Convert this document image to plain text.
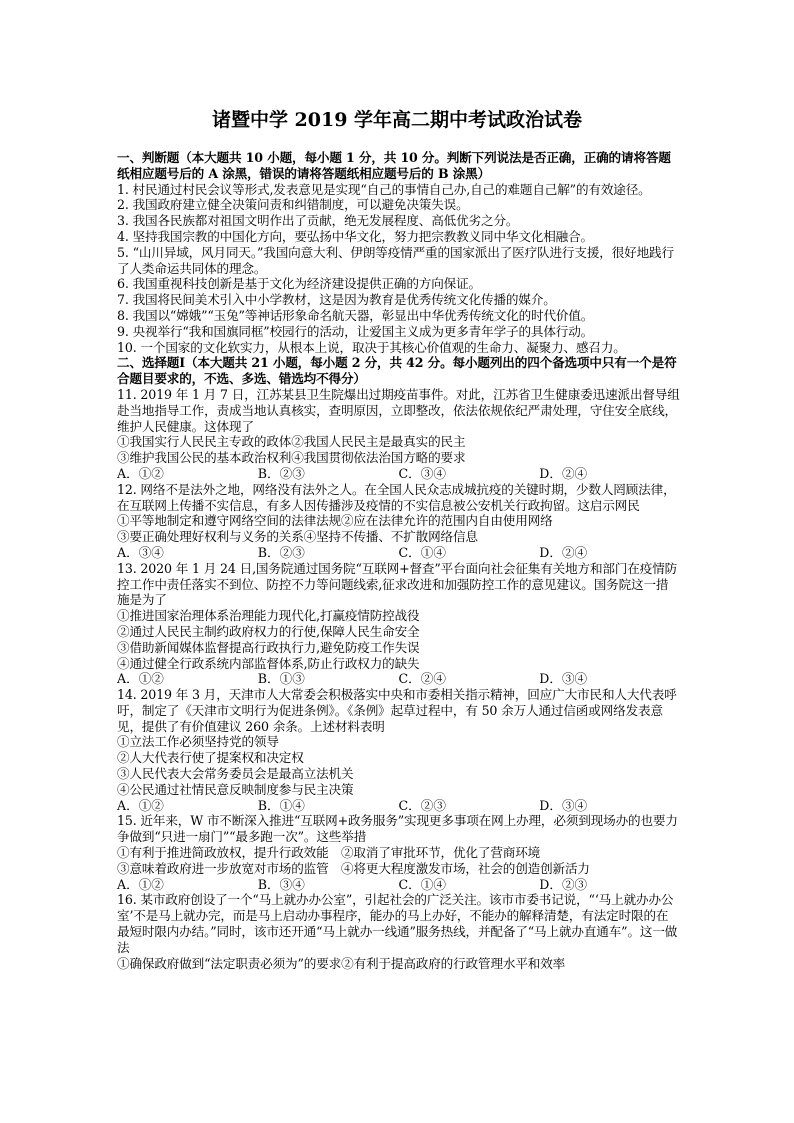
诸暨中学 2019 学年高二期中考试政治试卷

一、判断题（本大题共 10 小题，每小题 1 分，共 10 分。判断下列说法是否正确，正确的请将答题纸相应题号后的 A 涂黑，错误的请将答题纸相应题号后的 B 涂黑）

1. 村民通过村民会议等形式,发表意见是实现“自己的事情自己办,自己的难题自己解”的有效途径。

2. 我国政府建立健全决策问责和纠错制度，可以避免决策失误。

3. 我国各民族都对祖国文明作出了贡献，绝无发展程度、高低优劣之分。

4. 坚持我国宗教的中国化方向，要弘扬中华文化，努力把宗教教义同中华文化相融合。

5. “山川异域，风月同天。”我国向意大利、伊朗等疫情严重的国家派出了医疗队进行支援，很好地践行了人类命运共同体的理念。

6. 我国重视科技创新是基于文化为经济建设提供正确的方向保证。

7. 我国将民间美术引入中小学教材，这是因为教育是优秀传统文化传播的媒介。

8. 我国以“嫦娥”“玉兔”等神话形象命名航天器，彰显出中华优秀传统文化的时代价值。

9. 央视举行“我和国旗同框”校园行的活动，让爱国主义成为更多青年学子的具体行动。

10. 一个国家的文化软实力，从根本上说，取决于其核心价值观的生命力、凝聚力、感召力。

二、选择题Ⅰ（本大题共 21 小题，每小题 2 分，共 42 分。每小题列出的四个备选项中只有一个是符合题目要求的，不选、多选、错选均不得分）

11. 2019 年 1 月 7 日，江苏某县卫生院爆出过期疫苗事件。对此，江苏省卫生健康委迅速派出督导组赴当地指导工作，责成当地认真核实，查明原因，立即整改，依法依规依纪严肃处理，守住安全底线，维护人民健康。这体现了

①我国实行人民民主专政的政体②我国人民民主是最真实的民主

③维护我国公民的基本政治权利④我国贯彻依法治国方略的要求

A．①②	B．②③	C．③④	D．②④

12. 网络不是法外之地，网络没有法外之人。在全国人民众志成城抗疫的关键时期，少数人罔顾法律，在互联网上传播不实信息，有多人因传播涉及疫情的不实信息被公安机关行政拘留。这启示网民

①平等地制定和遵守网络空间的法律法规②应在法律允许的范围内自由使用网络

③要正确处理好权利与义务的关系④坚持不传播、不扩散网络信息

A．③④	B．②③	C．①④	D．②④

13. 2020 年 1 月 24 日,国务院通过国务院“互联网+督查”平台面向社会征集有关地方和部门在疫情防控工作中责任落实不到位、防控不力等问题线索,征求改进和加强防控工作的意见建议。国务院这一措施是为了

①推进国家治理体系治理能力现代化,打赢疫情防控战役

②通过人民民主制约政府权力的行使,保障人民生命安全

③借助新闻媒体监督提高行政执行力,避免防疫工作失误

④通过健全行政系统内部监督体系,防止行政权力的缺失

A．①②	B．①③	C．②④	D．③④

14. 2019 年 3 月，天津市人大常委会积极落实中央和市委相关指示精神，回应广大市民和人大代表呼吁，制定了《天津市文明行为促进条例》。《条例》起草过程中，有 50 余万人通过信函或网络发表意见，提供了有价值建议 260 余条。上述材料表明

①立法工作必须坚持党的领导

②人大代表行使了提案权和决定权

③人民代表大会常务委员会是最高立法机关

④公民通过社情民意反映制度参与民主决策

A．①②	B．①④	C．②③	D．③④

15. 近年来，W 市不断深入推进“互联网+政务服务”实现更多事项在网上办理，必须到现场办的也要力争做到“只进一扇门”“最多跑一次”。这些举措

①有利于推进简政放权，提升行政效能　②取消了审批环节，优化了营商环境

③意味着政府进一步放宽对市场的监管　④将更大程度激发市场，社会的创造创新活力

A．①②	B．③④	C．①④	D．②③

16. 某市政府创设了一个“马上就办办公室”，引起社会的广泛关注。该市市委书记说，“‘马上就办办公室’不是马上就办完，而是马上启动办事程序，能办的马上办好，不能办的解释清楚，有法定时限的在最短时限内办结。”同时，该市还开通“马上就办一线通”服务热线，并配备了“马上就办直通车”。这一做法

①确保政府做到“法定职责必须为”的要求②有利于提高政府的行政管理水平和效率
